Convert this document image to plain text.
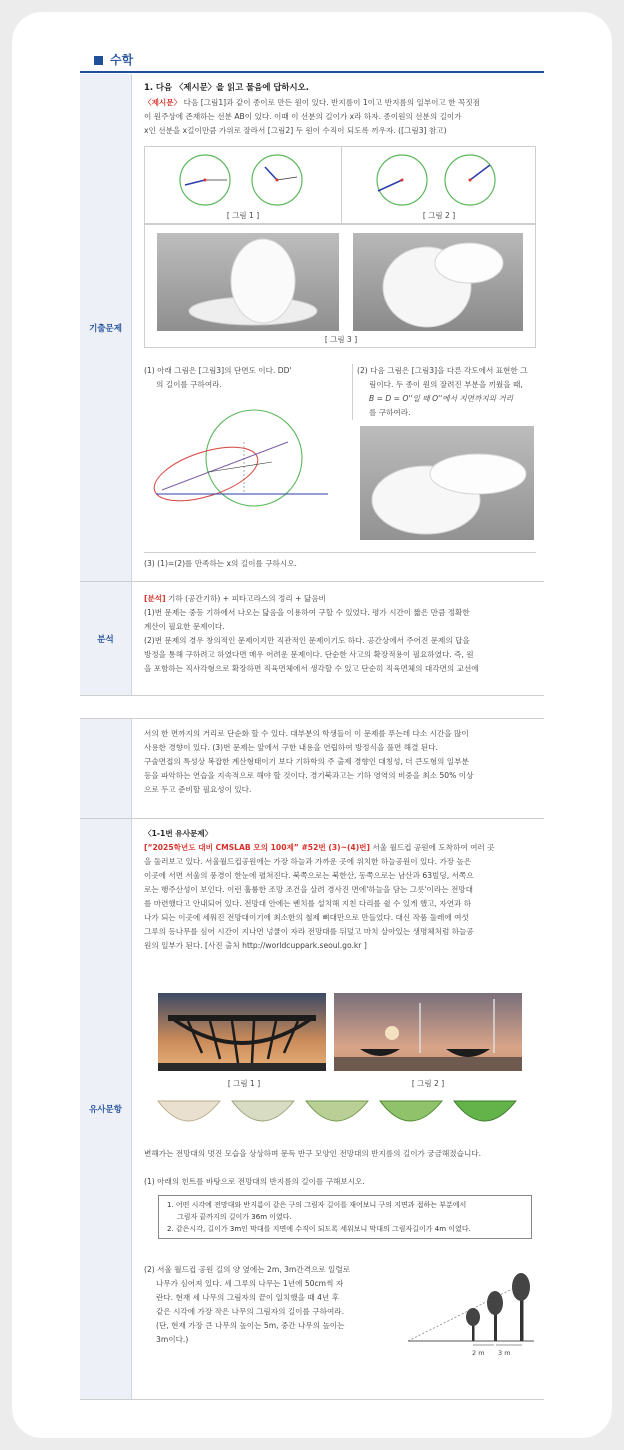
수학
기출문제
1. 다음 〈제시문〉을 읽고 물음에 답하시오.
〈제시문〉 다음 [그림1]과 같이 종이로 만든 원이 있다. 반지름이 1이고 반지름의 일부이고 한 꼭짓점
이 원주상에 존재하는 선분 AB이 있다. 이때 이 선분의 길이가 x라 하자. 종이원의 선분의 길이가
x인 선분을 x길이만큼 가위로 잘라서 [그림2] 두 원이 수직이 되도록 끼우자. ([그림3] 참고)
[ 그림 1 ]	[ 그림 2 ]
[ 그림 3 ]
(1) 아래 그림은 [그림3]의 단면도 이다. DD'
의 길이를 구하여라.
(2) 다음 그림은 [그림3]을 다른 각도에서 표현한 그
림이다. 두 종이 원의 잘려진 부분을 끼웠을 때,
B = D = O''일 때 O''에서 지면까지의 거리
를 구하여라.
(3) (1)=(2)를 만족하는 x의 길이를 구하시오.
분석
[분석] 기하 (공간기하) + 피타고라스의 정리 + 닮음비
(1)번 문제는 중등 기하에서 나오는 닮음을 이용하여 구할 수 있었다. 평가 시간이 짧은 만큼 정확한
계산이 필요한 문제이다.
(2)번 문제의 경우 창의적인 문제이지만 직관적인 문제이기도 하다. 공간상에서 주어진 문제의 답을
방정을 통해 구하려고 하였다면 매우 어려운 문제이다. 단순한 사고의 확장적용이 필요하였다. 즉, 원
을 포함하는 직사각형으로 확장하면 직육면체에서 생각할 수 있고 단순히 직육면체의 대각면의 교선에
서의 한 면까지의 거리로 단순화 할 수 있다. 대부분의 학생들이 이 문제를 푸는데 다소 시간을 많이
사용한 경향이 있다. (3)번 문제는 앞에서 구한 내용을 연립하여 방정식을 풀면 해결 된다.
구술면접의 특성상 복잡한 계산형태이기 보다 기하학의 주 출제 경향인 대칭성, 더 큰도형의 일부분
등을 파악하는 연습을 지속적으로 해야 할 것이다. 경기북과고는 기하 영역의 비중을 최소 50% 이상
으로 두고 준비할 필요성이 있다.
유사문항
〈1-1번 유사문제〉
[“2025학년도 대비 CMSLAB 모의 100제” #52번 (3)~(4)번] 서울 월드컵 공원에 도착하여 여러 곳
을 둘러보고 있다. 서울월드컵공원에는 가장 하늘과 가까운 곳에 위치한 하늘공원이 있다. 가장 높은
이곳에 서면 서울의 풍경이 한눈에 펼쳐진다. 북쪽으로는 북한산, 동쪽으로는 남산과 63빌딩, 서쪽으
로는 행주산성이 보인다. 이런 훌륭한 조망 조건을 살려 경사진 면에'하늘을 담는 그릇'이라는 전망대
를 마련했다고 안내되어 있다. 전망대 안에는 벤치를 설치해 지친 다리를 쉴 수 있게 했고, 자연과 하
나가 되는 이곳에 세워진 전망대이기에 최소한의 철제 뼈대만으로 만들었다. 대신 작품 둘레에 여섯
그루의 등나무를 심어 시간이 지나면 넝쿨이 자라 전망대를 뒤덮고 마치 살아있는 생명체처럼 하늘공
원의 일부가 된다. [사진 출처 http://worldcuppark.seoul.go.kr ]
[ 그림 1 ]	[ 그림 2 ]
변해가는 전망대의 멋진 모습을 상상하며 문득 반구 모양인 전망대의 반지름의 길이가 궁금해졌습니다.
(1) 아래의 힌트를 바탕으로 전망대의 반지름의 길이를 구해보시오.
1. 어떤 시각에 전망대와 반지름이 같은 구의 그림자 길이를 재어보니 구의 지면과 접하는 부분에서
그림자 끝까지의 길이가 36m 이였다.
2. 같은시각, 길이가 3m인 막대를 지면에 수직이 되도록 세워보니 막대의 그림자길이가 4m 이였다.
(2) 서울 월드컵 공원 길의 양 옆에는 2m, 3m간격으로 일렬로
나무가 심어져 있다. 세 그루의 나무는 1년에 50cm씩 자
란다. 현재 세 나무의 그림자의 끝이 일치했을 때 4년 후
같은 시각에 가장 작은 나무의 그림자의 길이를 구하여라.
(단, 현재 가장 큰 나무의 높이는 5m, 중간 나무의 높이는
3m이다.)
2 m 3 m
